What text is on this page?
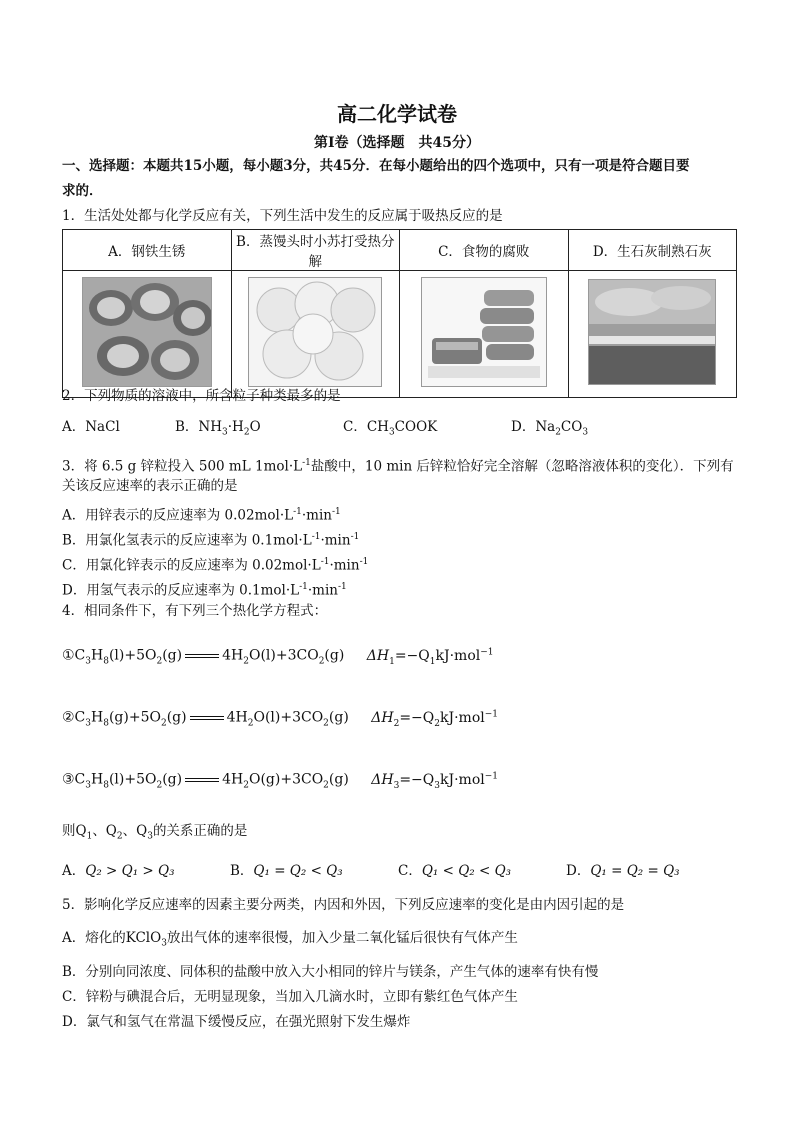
高二化学试卷
第Ⅰ卷（选择题　共45分）
一、选择题：本题共15小题，每小题3分，共45分．在每小题给出的四个选项中，只有一项是符合题目要
求的．
1．生活处处都与化学反应有关，下列生活中发生的反应属于吸热反应的是
A．钢铁生锈	B．蒸馒头时小苏打受热分解	C．食物的腐败	D．生石灰制熟石灰

2．下列物质的溶液中，所含粒子种类最多的是
A．NaCl	B．$NH_3\cdot H_2O$	C．$CH_3COOK$	D．$Na_2CO_3$
3．将 6.5 g 锌粒投入 500 mL $1mol\cdot L^{-1}$盐酸中，10 min 后锌粒恰好完全溶解（忽略溶液体积的变化）．下列有
关该反应速率的表示正确的是
A．用锌表示的反应速率为 $0.02mol\cdot L^{-1}\cdot\min^{-1}$
B．用氯化氢表示的反应速率为 $0.1mol\cdot L^{-1}\cdot\min^{-1}$
C．用氯化锌表示的反应速率为 $0.02mol\cdot L^{-1}\cdot\min^{-1}$
D．用氢气表示的反应速率为 $0.1mol\cdot L^{-1}\cdot\min^{-1}$
4．相同条件下，有下列三个热化学方程式：
$①C_3H_8(l)+5O_2(g)$	$4H_2O(l)+3CO_2(g)$ $\Delta H_1=-Q_1kJ\cdot mol^{-1}$
$②C_3H_8(g)+5O_2(g)$	$4H_2O(l)+3CO_2(g)$ $\Delta H_2=-Q_2kJ\cdot mol^{-1}$
$③C_3H_8(l)+5O_2(g)$	$4H_2O(g)+3CO_2(g)$ $\Delta H_3=-Q_3kJ\cdot mol^{-1}$
则$Q_1$、$Q_2$、$Q_3$的关系正确的是
A．Q₂ > Q₁ > Q₃	B．Q₁ = Q₂ < Q₃	C．Q₁ < Q₂ < Q₃	D．Q₁ = Q₂ = Q₃
5．影响化学反应速率的因素主要分两类，内因和外因，下列反应速率的变化是由内因引起的是
A．熔化的KClO$_3$放出气体的速率很慢，加入少量二氧化锰后很快有气体产生
B．分别向同浓度、同体积的盐酸中放入大小相同的锌片与镁条，产生气体的速率有快有慢
C．锌粉与碘混合后，无明显现象，当加入几滴水时，立即有紫红色气体产生
D．氯气和氢气在常温下缓慢反应，在强光照射下发生爆炸
